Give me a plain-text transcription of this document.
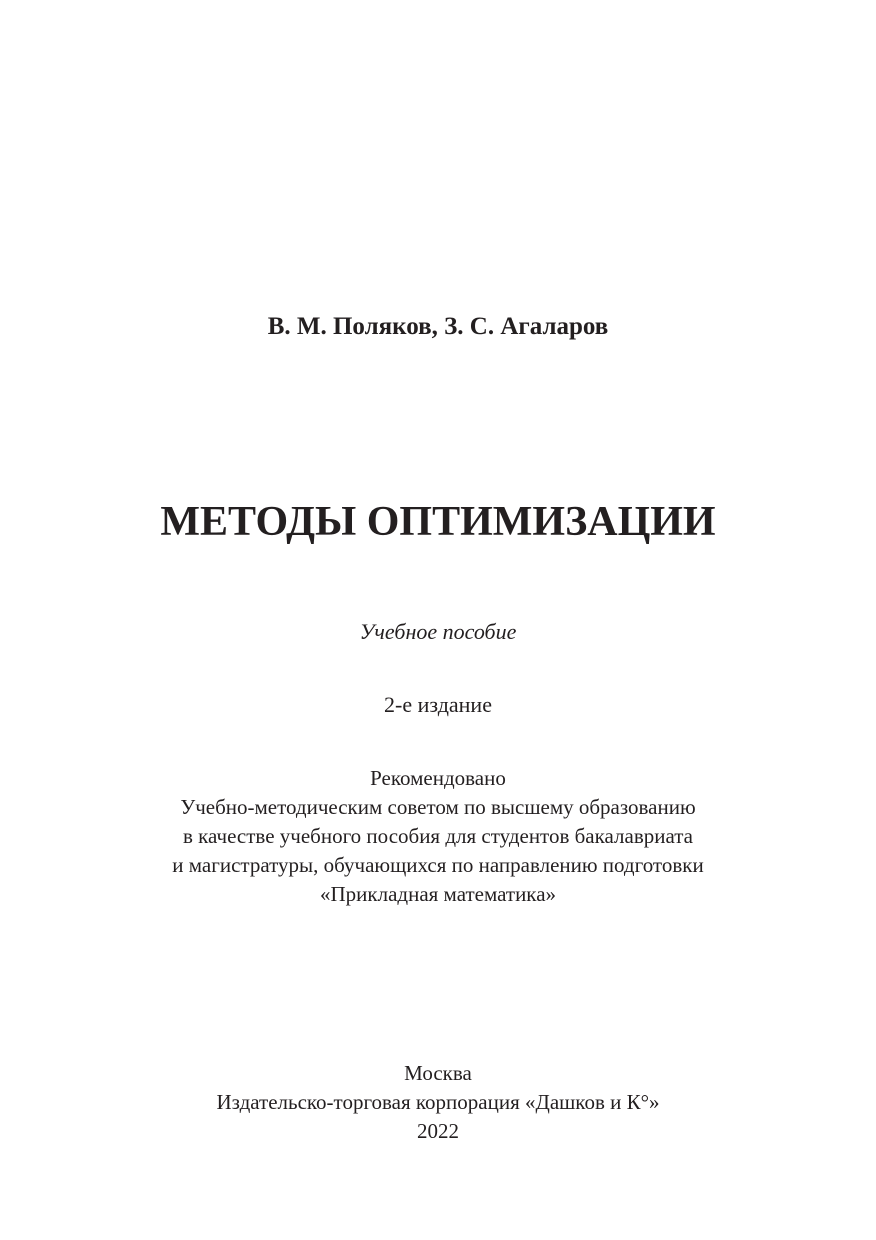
В. М. Поляков, З. С. Агаларов
МЕТОДЫ ОПТИМИЗАЦИИ
Учебное пособие
2-е издание
Рекомендовано
Учебно-методическим советом по высшему образованию
в качестве учебного пособия для студентов бакалавриата
и магистратуры, обучающихся по направлению подготовки
«Прикладная математика»
Москва
Издательско-торговая корпорация «Дашков и К°»
2022
